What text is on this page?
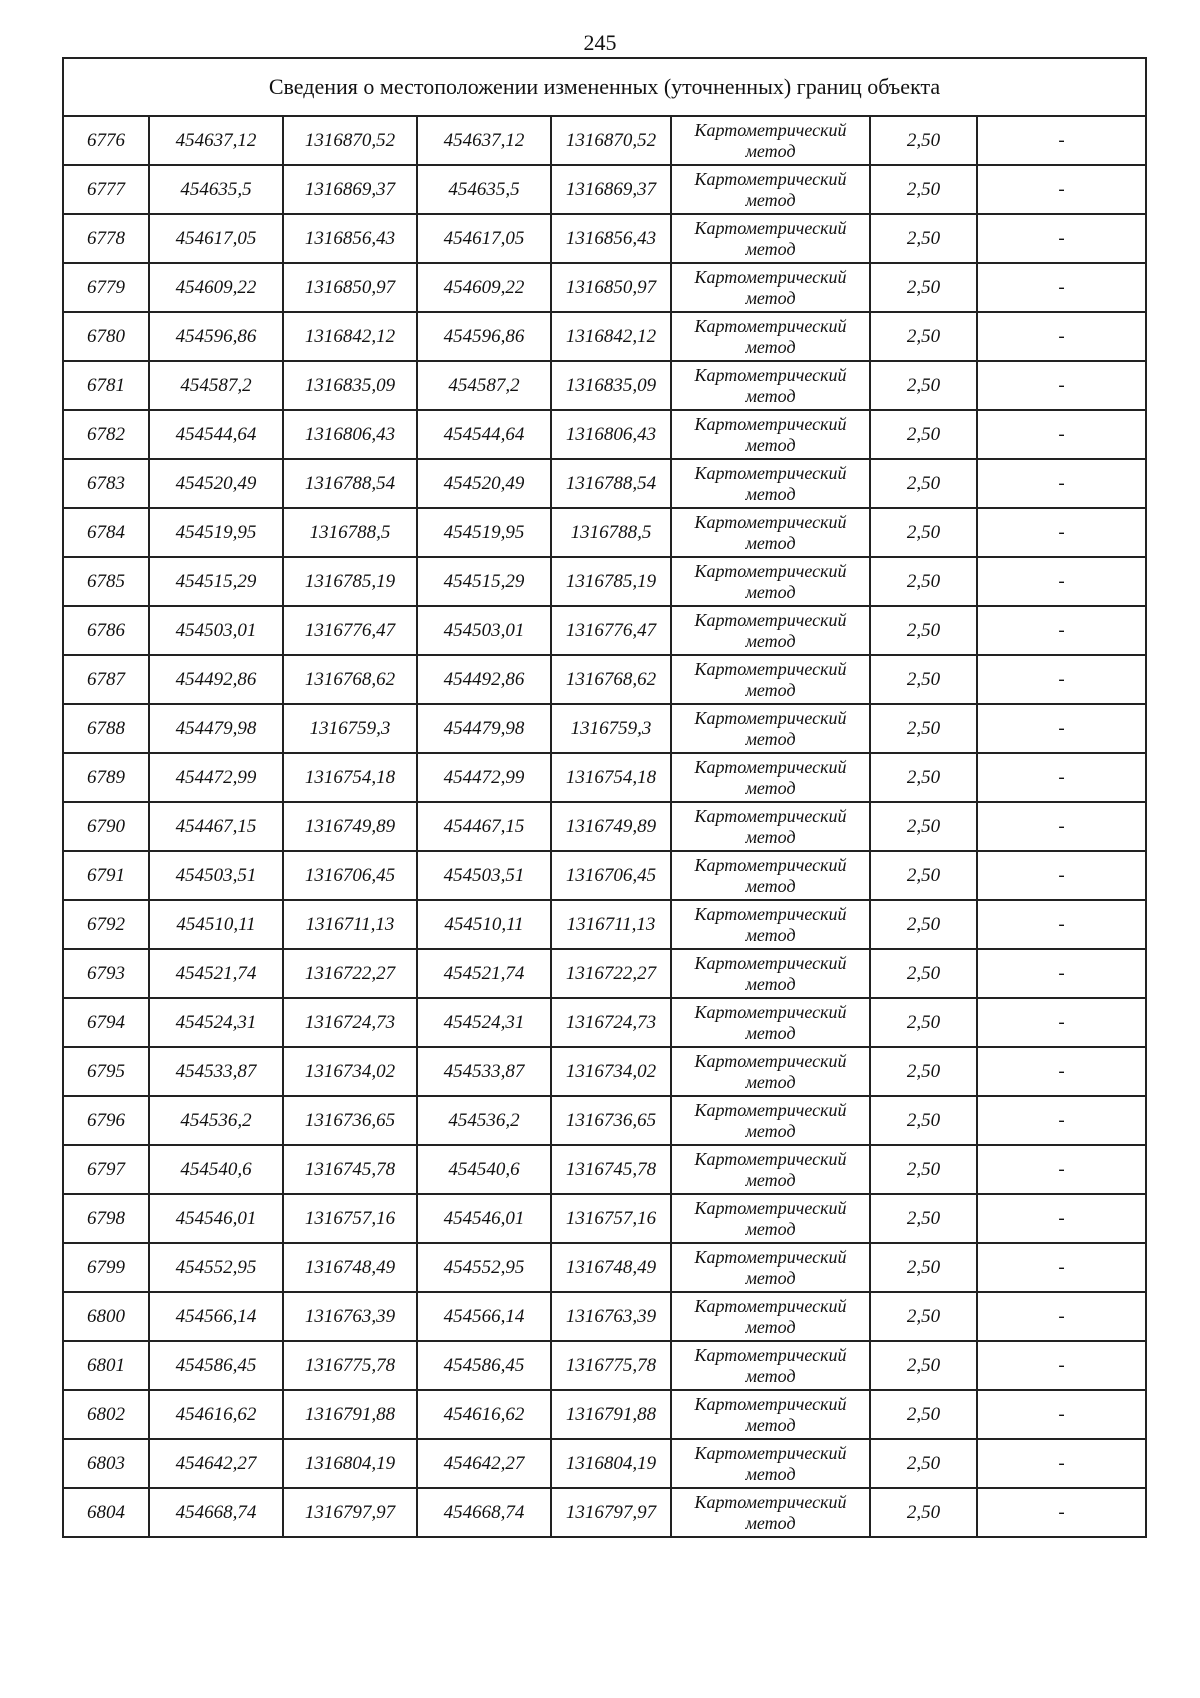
245
Сведения о местоположении измененных (уточненных) границ объекта							
6776	454637,12	1316870,52	454637,12	1316870,52	Картометрический метод	2,50	-
6777	454635,5	1316869,37	454635,5	1316869,37	Картометрический метод	2,50	-
6778	454617,05	1316856,43	454617,05	1316856,43	Картометрический метод	2,50	-
6779	454609,22	1316850,97	454609,22	1316850,97	Картометрический метод	2,50	-
6780	454596,86	1316842,12	454596,86	1316842,12	Картометрический метод	2,50	-
6781	454587,2	1316835,09	454587,2	1316835,09	Картометрический метод	2,50	-
6782	454544,64	1316806,43	454544,64	1316806,43	Картометрический метод	2,50	-
6783	454520,49	1316788,54	454520,49	1316788,54	Картометрический метод	2,50	-
6784	454519,95	1316788,5	454519,95	1316788,5	Картометрический метод	2,50	-
6785	454515,29	1316785,19	454515,29	1316785,19	Картометрический метод	2,50	-
6786	454503,01	1316776,47	454503,01	1316776,47	Картометрический метод	2,50	-
6787	454492,86	1316768,62	454492,86	1316768,62	Картометрический метод	2,50	-
6788	454479,98	1316759,3	454479,98	1316759,3	Картометрический метод	2,50	-
6789	454472,99	1316754,18	454472,99	1316754,18	Картометрический метод	2,50	-
6790	454467,15	1316749,89	454467,15	1316749,89	Картометрический метод	2,50	-
6791	454503,51	1316706,45	454503,51	1316706,45	Картометрический метод	2,50	-
6792	454510,11	1316711,13	454510,11	1316711,13	Картометрический метод	2,50	-
6793	454521,74	1316722,27	454521,74	1316722,27	Картометрический метод	2,50	-
6794	454524,31	1316724,73	454524,31	1316724,73	Картометрический метод	2,50	-
6795	454533,87	1316734,02	454533,87	1316734,02	Картометрический метод	2,50	-
6796	454536,2	1316736,65	454536,2	1316736,65	Картометрический метод	2,50	-
6797	454540,6	1316745,78	454540,6	1316745,78	Картометрический метод	2,50	-
6798	454546,01	1316757,16	454546,01	1316757,16	Картометрический метод	2,50	-
6799	454552,95	1316748,49	454552,95	1316748,49	Картометрический метод	2,50	-
6800	454566,14	1316763,39	454566,14	1316763,39	Картометрический метод	2,50	-
6801	454586,45	1316775,78	454586,45	1316775,78	Картометрический метод	2,50	-
6802	454616,62	1316791,88	454616,62	1316791,88	Картометрический метод	2,50	-
6803	454642,27	1316804,19	454642,27	1316804,19	Картометрический метод	2,50	-
6804	454668,74	1316797,97	454668,74	1316797,97	Картометрический метод	2,50	-
